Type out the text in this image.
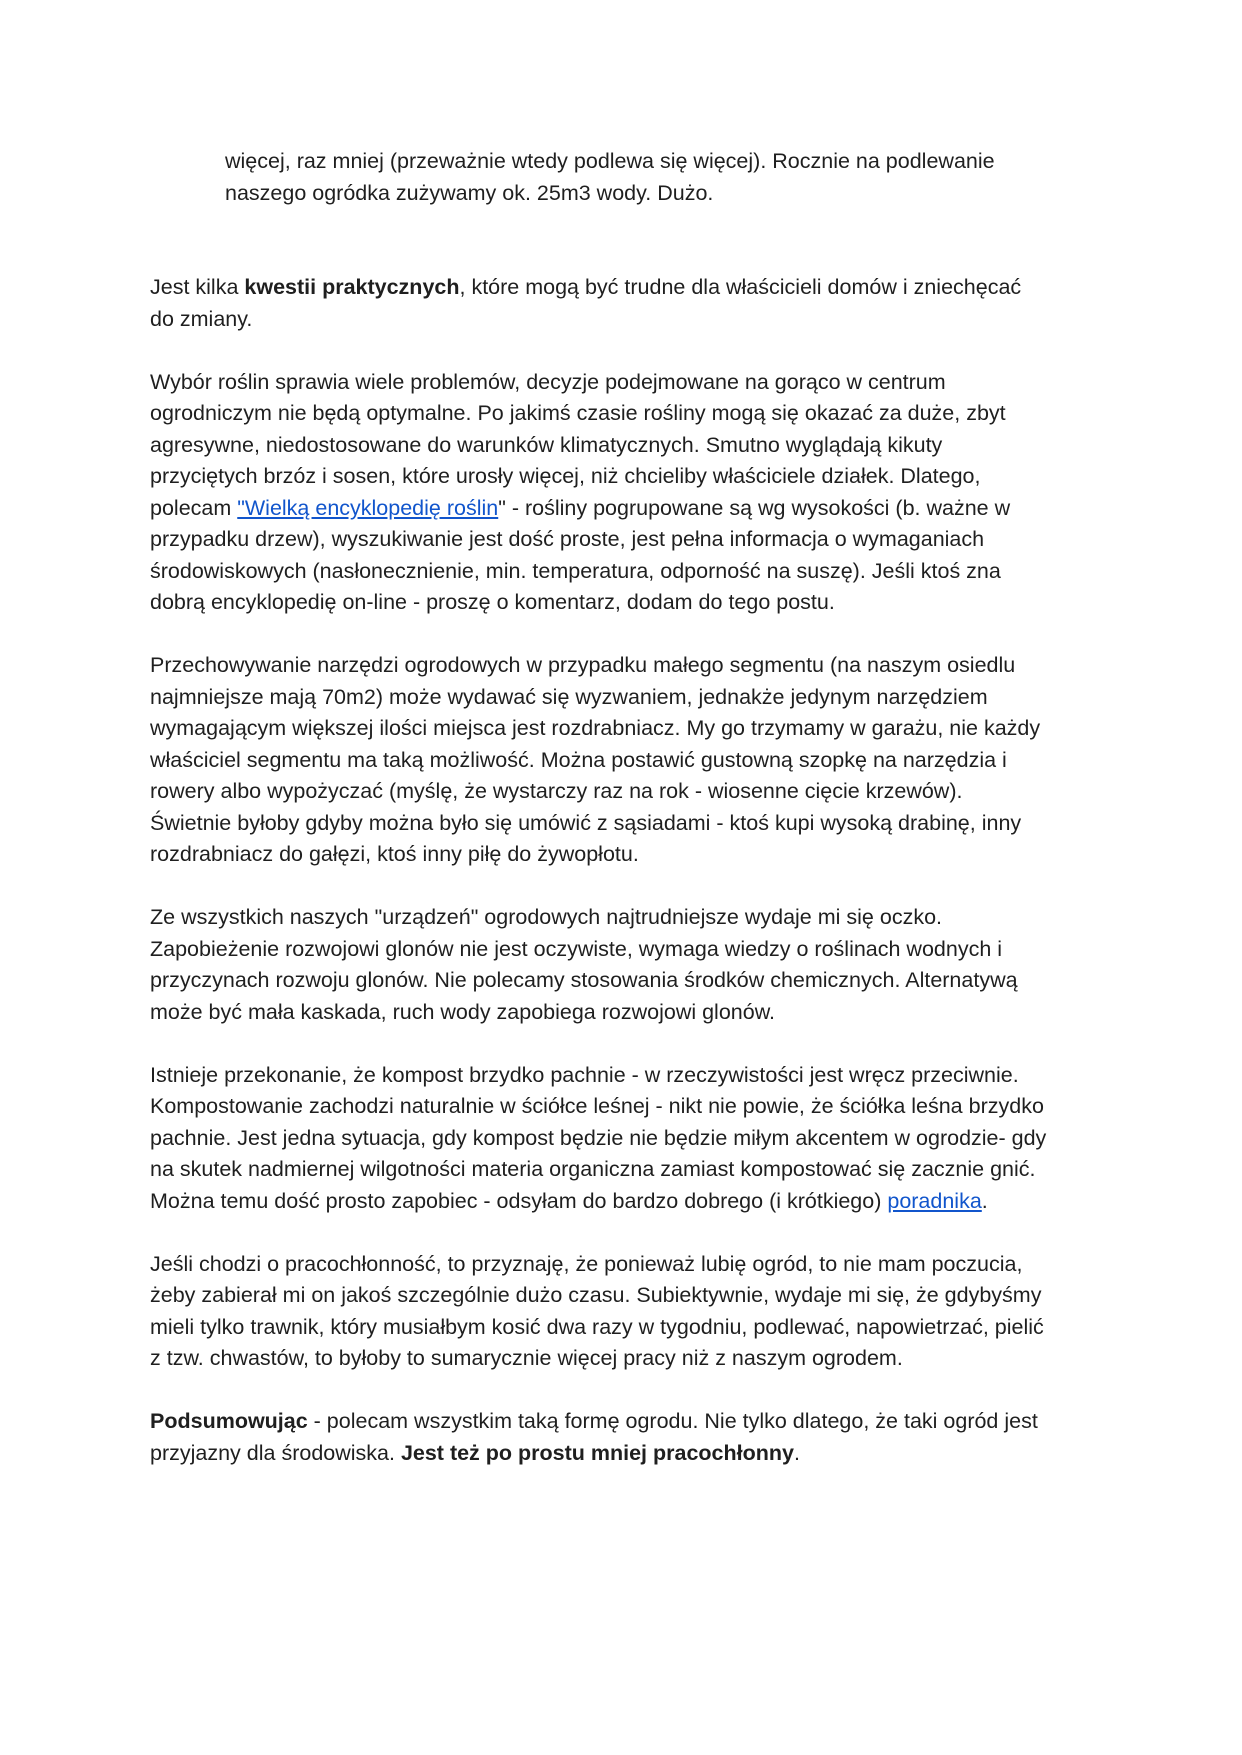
więcej, raz mniej (przeważnie wtedy podlewa się więcej). Rocznie na podlewanie
naszego ogródka zużywamy ok. 25m3 wody. Dużo.

Jest kilka kwestii praktycznych, które mogą być trudne dla właścicieli domów i zniechęcać
do zmiany.

Wybór roślin sprawia wiele problemów, decyzje podejmowane na gorąco w centrum
ogrodniczym nie będą optymalne. Po jakimś czasie rośliny mogą się okazać za duże, zbyt
agresywne, niedostosowane do warunków klimatycznych. Smutno wyglądają kikuty
przyciętych brzóz i sosen, które urosły więcej, niż chcieliby właściciele działek. Dlatego,
polecam "Wielką encyklopedię roślin" - rośliny pogrupowane są wg wysokości (b. ważne w
przypadku drzew), wyszukiwanie jest dość proste, jest pełna informacja o wymaganiach
środowiskowych (nasłonecznienie, min. temperatura, odporność na suszę). Jeśli ktoś zna
dobrą encyklopedię on-line - proszę o komentarz, dodam do tego postu.

Przechowywanie narzędzi ogrodowych w przypadku małego segmentu (na naszym osiedlu
najmniejsze mają 70m2) może wydawać się wyzwaniem, jednakże jedynym narzędziem
wymagającym większej ilości miejsca jest rozdrabniacz. My go trzymamy w garażu, nie każdy
właściciel segmentu ma taką możliwość. Można postawić gustowną szopkę na narzędzia i
rowery albo wypożyczać (myślę, że wystarczy raz na rok - wiosenne cięcie krzewów).
Świetnie byłoby gdyby można było się umówić z sąsiadami - ktoś kupi wysoką drabinę, inny
rozdrabniacz do gałęzi, ktoś inny piłę do żywopłotu.

Ze wszystkich naszych "urządzeń" ogrodowych najtrudniejsze wydaje mi się oczko.
Zapobieżenie rozwojowi glonów nie jest oczywiste, wymaga wiedzy o roślinach wodnych i
przyczynach rozwoju glonów. Nie polecamy stosowania środków chemicznych. Alternatywą
może być mała kaskada, ruch wody zapobiega rozwojowi glonów.

Istnieje przekonanie, że kompost brzydko pachnie - w rzeczywistości jest wręcz przeciwnie.
Kompostowanie zachodzi naturalnie w ściółce leśnej - nikt nie powie, że ściółka leśna brzydko
pachnie. Jest jedna sytuacja, gdy kompost będzie nie będzie miłym akcentem w ogrodzie- gdy
na skutek nadmiernej wilgotności materia organiczna zamiast kompostować się zacznie gnić.
Można temu dość prosto zapobiec - odsyłam do bardzo dobrego (i krótkiego) poradnika.

Jeśli chodzi o pracochłonność, to przyznaję, że ponieważ lubię ogród, to nie mam poczucia,
żeby zabierał mi on jakoś szczególnie dużo czasu. Subiektywnie, wydaje mi się, że gdybyśmy
mieli tylko trawnik, który musiałbym kosić dwa razy w tygodniu, podlewać, napowietrzać, pielić
z tzw. chwastów, to byłoby to sumarycznie więcej pracy niż z naszym ogrodem.

Podsumowując - polecam wszystkim taką formę ogrodu. Nie tylko dlatego, że taki ogród jest
przyjazny dla środowiska. Jest też po prostu mniej pracochłonny.
